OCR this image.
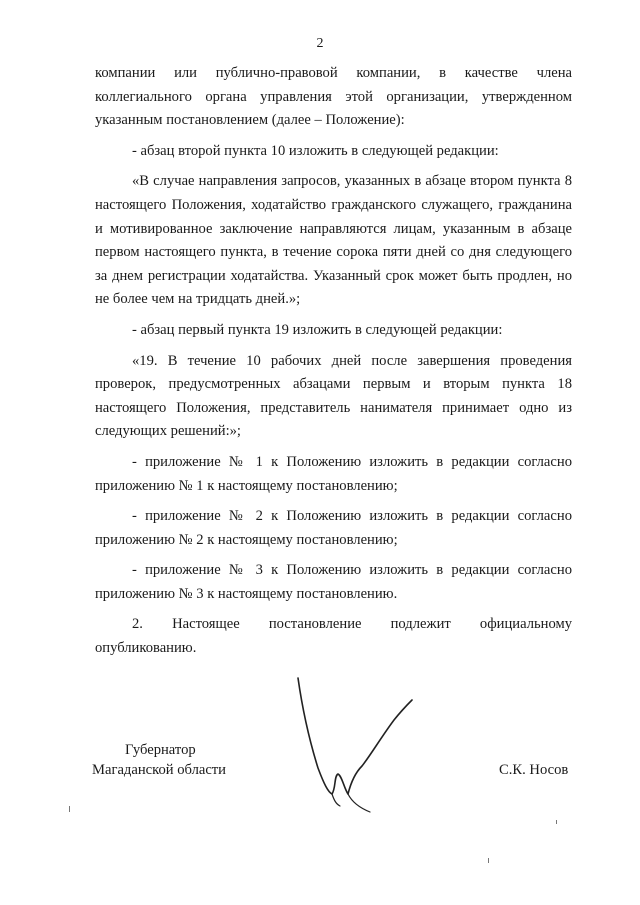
2

компании или публично-правовой компании, в качестве члена коллегиального органа управления этой организации, утвержденном указанным постановлением (далее – Положение):

- абзац второй пункта 10 изложить в следующей редакции:

«В случае направления запросов, указанных в абзаце втором пункта 8 настоящего Положения, ходатайство гражданского служащего, гражданина и мотивированное заключение направляются лицам, указанным в абзаце первом настоящего пункта, в течение сорока пяти дней со дня следующего за днем регистрации ходатайства. Указанный срок может быть продлен, но не более чем на тридцать дней.»;

- абзац первый пункта 19 изложить в следующей редакции:

«19. В течение 10 рабочих дней после завершения проведения проверок, предусмотренных абзацами первым и вторым пункта 18 настоящего Положения, представитель нанимателя принимает одно из следующих решений:»;

- приложение № 1 к Положению изложить в редакции согласно приложению № 1 к настоящему постановлению;

- приложение № 2 к Положению изложить в редакции согласно приложению № 2 к настоящему постановлению;

- приложение № 3 к Положению изложить в редакции согласно приложению № 3 к настоящему постановлению.

2. Настоящее постановление подлежит официальному опубликованию.

Губернатор
Магаданской области	С.К. Носов
